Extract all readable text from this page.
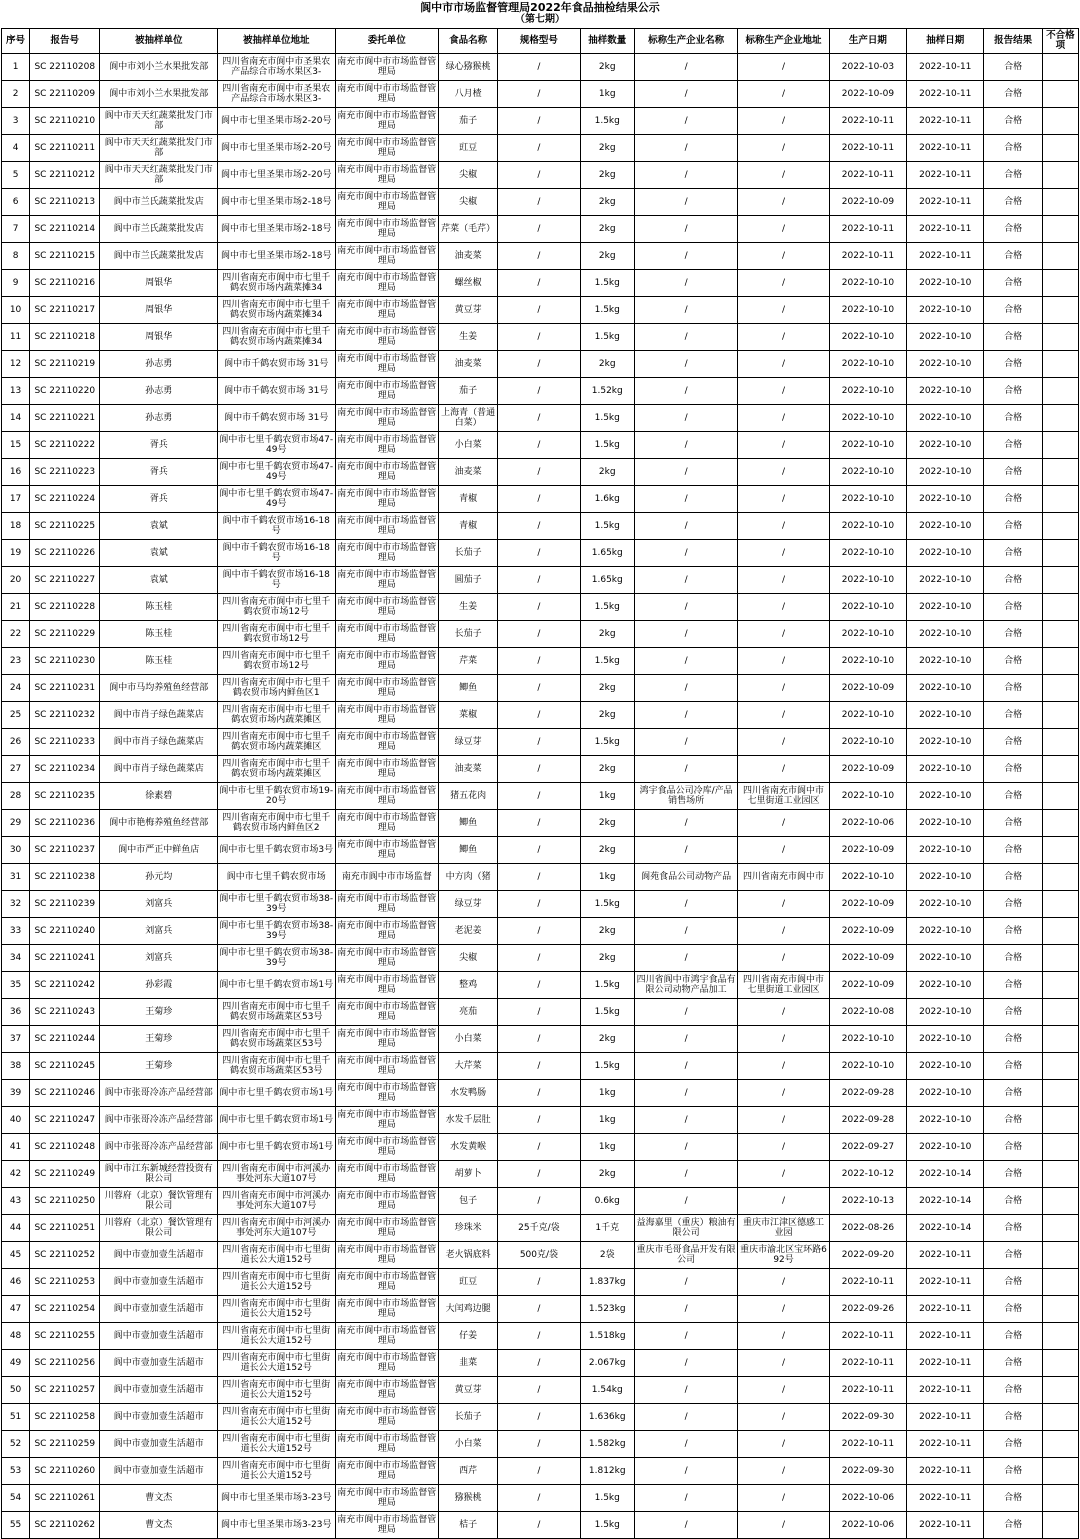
阆中市市场监督管理局2022年食品抽检结果公示
（第七期）
序号	报告号	被抽样单位	被抽样单位地址	委托单位	食品名称	规格型号	抽样数量	标称生产企业名称	标称生产企业地址	生产日期	抽样日期	报告结果	不合格项
1	SC 22110208	阆中市刘小兰水果批发部	四川省南充市阆中市圣果农产品综合市场水果区3-	南充市阆中市市场监督管理局	绿心猕猴桃	/	2kg	/	/	2022-10-03	2022-10-11	合格	
2	SC 22110209	阆中市刘小兰水果批发部	四川省南充市阆中市圣果农产品综合市场水果区3-	南充市阆中市市场监督管理局	八月楂	/	1kg	/	/	2022-10-09	2022-10-11	合格	
3	SC 22110210	阆中市天天红蔬菜批发门市部	阆中市七里圣果市场2-20号	南充市阆中市市场监督管理局	茄子	/	1.5kg	/	/	2022-10-11	2022-10-11	合格	
4	SC 22110211	阆中市天天红蔬菜批发门市部	阆中市七里圣果市场2-20号	南充市阆中市市场监督管理局	豇豆	/	2kg	/	/	2022-10-11	2022-10-11	合格	
5	SC 22110212	阆中市天天红蔬菜批发门市部	阆中市七里圣果市场2-20号	南充市阆中市市场监督管理局	尖椒	/	2kg	/	/	2022-10-11	2022-10-11	合格	
6	SC 22110213	阆中市兰氏蔬菜批发店	阆中市七里圣果市场2-18号	南充市阆中市市场监督管理局	尖椒	/	2kg	/	/	2022-10-09	2022-10-11	合格	
7	SC 22110214	阆中市兰氏蔬菜批发店	阆中市七里圣果市场2-18号	南充市阆中市市场监督管理局	芹菜（毛芹）	/	2kg	/	/	2022-10-11	2022-10-11	合格	
8	SC 22110215	阆中市兰氏蔬菜批发店	阆中市七里圣果市场2-18号	南充市阆中市市场监督管理局	油麦菜	/	2kg	/	/	2022-10-11	2022-10-11	合格	
9	SC 22110216	周银华	四川省南充市阆中市七里千鹤农贸市场内蔬菜摊34	南充市阆中市市场监督管理局	螺丝椒	/	1.5kg	/	/	2022-10-10	2022-10-10	合格	
10	SC 22110217	周银华	四川省南充市阆中市七里千鹤农贸市场内蔬菜摊34	南充市阆中市市场监督管理局	黄豆芽	/	1.5kg	/	/	2022-10-10	2022-10-10	合格	
11	SC 22110218	周银华	四川省南充市阆中市七里千鹤农贸市场内蔬菜摊34	南充市阆中市市场监督管理局	生姜	/	1.5kg	/	/	2022-10-10	2022-10-10	合格	
12	SC 22110219	孙志勇	阆中市千鹤农贸市场 31号	南充市阆中市市场监督管理局	油麦菜	/	2kg	/	/	2022-10-10	2022-10-10	合格	
13	SC 22110220	孙志勇	阆中市千鹤农贸市场 31号	南充市阆中市市场监督管理局	茄子	/	1.52kg	/	/	2022-10-10	2022-10-10	合格	
14	SC 22110221	孙志勇	阆中市千鹤农贸市场 31号	南充市阆中市市场监督管理局	上海青（普通白菜）	/	1.5kg	/	/	2022-10-10	2022-10-10	合格	
15	SC 22110222	胥兵	阆中市七里千鹤农贸市场47-49号	南充市阆中市市场监督管理局	小白菜	/	1.5kg	/	/	2022-10-10	2022-10-10	合格	
16	SC 22110223	胥兵	阆中市七里千鹤农贸市场47-49号	南充市阆中市市场监督管理局	油麦菜	/	2kg	/	/	2022-10-10	2022-10-10	合格	
17	SC 22110224	胥兵	阆中市七里千鹤农贸市场47-49号	南充市阆中市市场监督管理局	青椒	/	1.6kg	/	/	2022-10-10	2022-10-10	合格	
18	SC 22110225	袁斌	阆中市千鹤农贸市场16-18号	南充市阆中市市场监督管理局	青椒	/	1.5kg	/	/	2022-10-10	2022-10-10	合格	
19	SC 22110226	袁斌	阆中市千鹤农贸市场16-18号	南充市阆中市市场监督管理局	长茄子	/	1.65kg	/	/	2022-10-10	2022-10-10	合格	
20	SC 22110227	袁斌	阆中市千鹤农贸市场16-18号	南充市阆中市市场监督管理局	圆茄子	/	1.65kg	/	/	2022-10-10	2022-10-10	合格	
21	SC 22110228	陈玉桂	四川省南充市阆中市七里千鹤农贸市场12号	南充市阆中市市场监督管理局	生姜	/	1.5kg	/	/	2022-10-10	2022-10-10	合格	
22	SC 22110229	陈玉桂	四川省南充市阆中市七里千鹤农贸市场12号	南充市阆中市市场监督管理局	长茄子	/	2kg	/	/	2022-10-10	2022-10-10	合格	
23	SC 22110230	陈玉桂	四川省南充市阆中市七里千鹤农贸市场12号	南充市阆中市市场监督管理局	芹菜	/	1.5kg	/	/	2022-10-10	2022-10-10	合格	
24	SC 22110231	阆中市马均养殖鱼经营部	四川省南充市阆中市七里千鹤农贸市场内鲜鱼区1	南充市阆中市市场监督管理局	鲫鱼	/	2kg	/	/	2022-10-09	2022-10-10	合格	
25	SC 22110232	阆中市肖子绿色蔬菜店	四川省南充市阆中市七里千鹤农贸市场内蔬菜摊区	南充市阆中市市场监督管理局	菜椒	/	2kg	/	/	2022-10-10	2022-10-10	合格	
26	SC 22110233	阆中市肖子绿色蔬菜店	四川省南充市阆中市七里千鹤农贸市场内蔬菜摊区	南充市阆中市市场监督管理局	绿豆芽	/	1.5kg	/	/	2022-10-10	2022-10-10	合格	
27	SC 22110234	阆中市肖子绿色蔬菜店	四川省南充市阆中市七里千鹤农贸市场内蔬菜摊区	南充市阆中市市场监督管理局	油麦菜	/	2kg	/	/	2022-10-09	2022-10-10	合格	
28	SC 22110235	徐素碧	阆中市七里千鹤农贸市场19-20号	南充市阆中市市场监督管理局	猪五花肉	/	1kg	鸿宇食品公司冷库/产品销售场所	四川省南充市阆中市七里街道工业园区	2022-10-10	2022-10-10	合格	
29	SC 22110236	阆中市艳梅养殖鱼经营部	四川省南充市阆中市七里千鹤农贸市场内鲜鱼区2	南充市阆中市市场监督管理局	鲫鱼	/	2kg	/	/	2022-10-06	2022-10-10	合格	
30	SC 22110237	阆中市严正中鲜鱼店	阆中市七里千鹤农贸市场3号	南充市阆中市市场监督管理局	鲫鱼	/	2kg	/	/	2022-10-09	2022-10-10	合格	
31	SC 22110238	孙元均	阆中市七里千鹤农贸市场	南充市阆中市市场监督	中方肉（猪	/	1kg	阆苑食品公司动物产品	四川省南充市阆中市	2022-10-10	2022-10-10	合格	
32	SC 22110239	刘富兵	阆中市七里千鹤农贸市场38-39号	南充市阆中市市场监督管理局	绿豆芽	/	1.5kg	/	/	2022-10-09	2022-10-10	合格	
33	SC 22110240	刘富兵	阆中市七里千鹤农贸市场38-39号	南充市阆中市市场监督管理局	老泥姜	/	2kg	/	/	2022-10-09	2022-10-10	合格	
34	SC 22110241	刘富兵	阆中市七里千鹤农贸市场38-39号	南充市阆中市市场监督管理局	尖椒	/	2kg	/	/	2022-10-09	2022-10-10	合格	
35	SC 22110242	孙彩霞	阆中市七里千鹤农贸市场1号	南充市阆中市市场监督管理局	整鸡	/	1.5kg	四川省阆中市鸿宇食品有限公司动物产品加工	四川省南充市阆中市七里街道工业园区	2022-10-09	2022-10-10	合格	
36	SC 22110243	王菊珍	四川省南充市阆中市七里千鹤农贸市场蔬菜区53号	南充市阆中市市场监督管理局	亮茄	/	1.5kg	/	/	2022-10-08	2022-10-10	合格	
37	SC 22110244	王菊珍	四川省南充市阆中市七里千鹤农贸市场蔬菜区53号	南充市阆中市市场监督管理局	小白菜	/	2kg	/	/	2022-10-10	2022-10-10	合格	
38	SC 22110245	王菊珍	四川省南充市阆中市七里千鹤农贸市场蔬菜区53号	南充市阆中市市场监督管理局	大芹菜	/	1.5kg	/	/	2022-10-10	2022-10-10	合格	
39	SC 22110246	阆中市张哥冷冻产品经营部	阆中市七里千鹤农贸市场1号	南充市阆中市市场监督管理局	水发鸭肠	/	1kg	/	/	2022-09-28	2022-10-10	合格	
40	SC 22110247	阆中市张哥冷冻产品经营部	阆中市七里千鹤农贸市场1号	南充市阆中市市场监督管理局	水发千层肚	/	1kg	/	/	2022-09-28	2022-10-10	合格	
41	SC 22110248	阆中市张哥冷冻产品经营部	阆中市七里千鹤农贸市场1号	南充市阆中市市场监督管理局	水发黄喉	/	1kg	/	/	2022-09-27	2022-10-10	合格	
42	SC 22110249	阆中市江东新城经营投资有限公司	四川省南充市阆中市河溪办事处河东大道107号	南充市阆中市市场监督管理局	胡萝卜	/	2kg	/	/	2022-10-12	2022-10-14	合格	
43	SC 22110250	川蓉府（北京）餐饮管理有限公司	四川省南充市阆中市河溪办事处河东大道107号	南充市阆中市市场监督管理局	包子	/	0.6kg	/	/	2022-10-13	2022-10-14	合格	
44	SC 22110251	川蓉府（北京）餐饮管理有限公司	四川省南充市阆中市河溪办事处河东大道107号	南充市阆中市市场监督管理局	珍珠米	25千克/袋	1千克	益海嘉里（重庆）粮油有限公司	重庆市江津区德感工业园	2022-08-26	2022-10-14	合格	
45	SC 22110252	阆中市壹加壹生活超市	四川省南充市阆中市七里街道长公大道152号	南充市阆中市市场监督管理局	老火锅底料	500克/袋	2袋	重庆市毛哥食品开发有限公司	重庆市渝北区宝环路692号	2022-09-20	2022-10-11	合格	
46	SC 22110253	阆中市壹加壹生活超市	四川省南充市阆中市七里街道长公大道152号	南充市阆中市市场监督管理局	豇豆	/	1.837kg	/	/	2022-10-11	2022-10-11	合格	
47	SC 22110254	阆中市壹加壹生活超市	四川省南充市阆中市七里街道长公大道152号	南充市阆中市市场监督管理局	大闰鸡边腿	/	1.523kg	/	/	2022-09-26	2022-10-11	合格	
48	SC 22110255	阆中市壹加壹生活超市	四川省南充市阆中市七里街道长公大道152号	南充市阆中市市场监督管理局	仔姜	/	1.518kg	/	/	2022-10-11	2022-10-11	合格	
49	SC 22110256	阆中市壹加壹生活超市	四川省南充市阆中市七里街道长公大道152号	南充市阆中市市场监督管理局	韭菜	/	2.067kg	/	/	2022-10-11	2022-10-11	合格	
50	SC 22110257	阆中市壹加壹生活超市	四川省南充市阆中市七里街道长公大道152号	南充市阆中市市场监督管理局	黄豆芽	/	1.54kg	/	/	2022-10-11	2022-10-11	合格	
51	SC 22110258	阆中市壹加壹生活超市	四川省南充市阆中市七里街道长公大道152号	南充市阆中市市场监督管理局	长茄子	/	1.636kg	/	/	2022-09-30	2022-10-11	合格	
52	SC 22110259	阆中市壹加壹生活超市	四川省南充市阆中市七里街道长公大道152号	南充市阆中市市场监督管理局	小白菜	/	1.582kg	/	/	2022-10-11	2022-10-11	合格	
53	SC 22110260	阆中市壹加壹生活超市	四川省南充市阆中市七里街道长公大道152号	南充市阆中市市场监督管理局	西芹	/	1.812kg	/	/	2022-09-30	2022-10-11	合格	
54	SC 22110261	曹文杰	阆中市七里圣果市场3-23号	南充市阆中市市场监督管理局	猕猴桃	/	1.5kg	/	/	2022-10-06	2022-10-11	合格	
55	SC 22110262	曹文杰	阆中市七里圣果市场3-23号	南充市阆中市市场监督管理局	桔子	/	1.5kg	/	/	2022-10-06	2022-10-11	合格	
